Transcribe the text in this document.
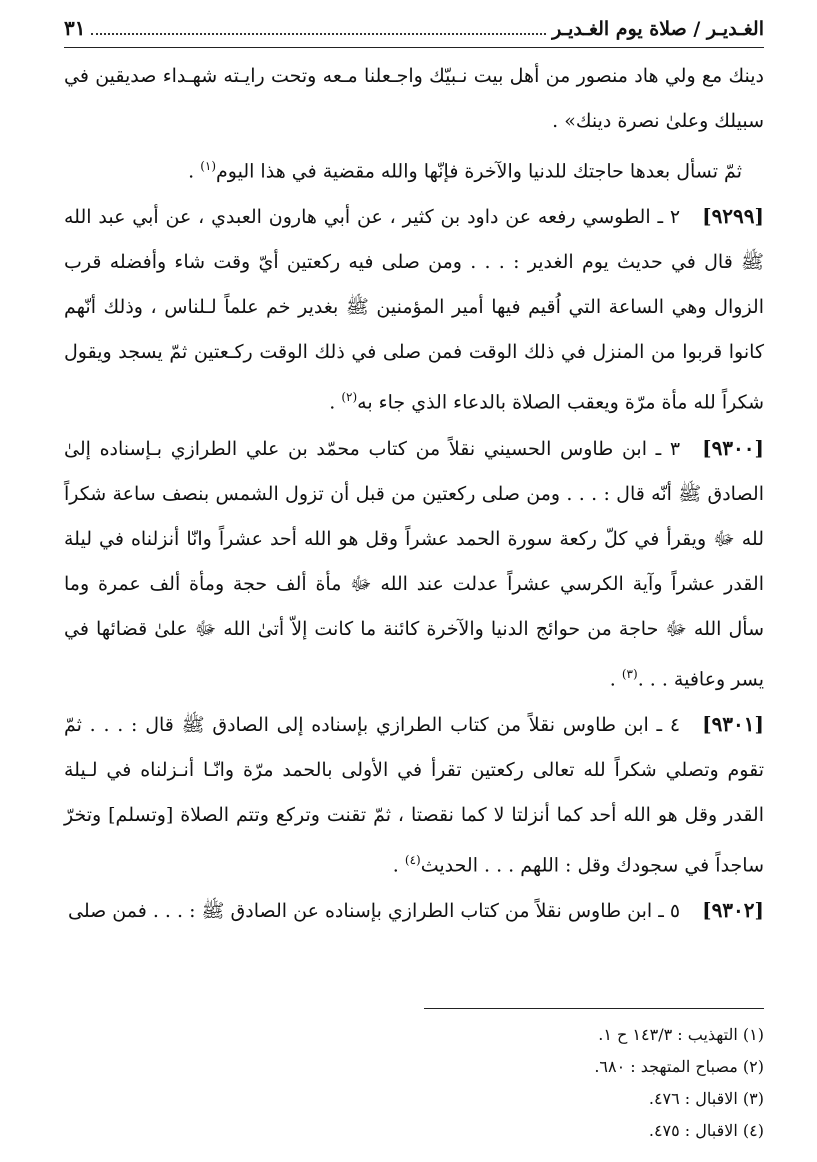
الغـديـر / صلاة يوم الغـديـر
٣١

دينك مع ولي هاد منصور من أهل بيت نـبيّك واجـعلنا مـعه وتحت رايـته شهـداء صديقين في سبيلك وعلىٰ نصرة دينك» .

ثمّ تسأل بعدها حاجتك للدنيا والآخرة فإنّها والله مقضية في هذا اليوم$^{(١)}$ .

[٩٢٩٩]٢ ـ الطوسي رفعه عن داود بن كثير ، عن أبي هارون العبدي ، عن أبي عبد الله ﷺ قال في حديث يوم الغدير : . . . ومن صلى فيه ركعتين أيّ وقت شاء وأفضله قرب الزوال وهي الساعة التي اُقيم فيها أمير المؤمنين ﷺ بغدير خم علماً لـلناس ، وذلك أنّهم كانوا قربوا من المنزل في ذلك الوقت فمن صلى في ذلك الوقت ركـعتين ثمّ يسجد ويقول شكراً لله مأة مرّة ويعقب الصلاة بالدعاء الذي جاء به$^{(٢)}$ .

[٩٣٠٠]٣ ـ ابن طاوس الحسيني نقلاً من كتاب محمّد بن علي الطرازي بـإسناده إلىٰ الصادق ﷺ أنّه قال : . . . ومن صلى ركعتين من قبل أن تزول الشمس بنصف ساعة شكراً لله ﷻ ويقرأ في كلّ ركعة سورة الحمد عشراً وقل هو الله أحد عشراً وانّا أنزلناه في ليلة القدر عشراً وآية الكرسي عشراً عدلت عند الله ﷻ مأة ألف حجة ومأة ألف عمرة وما سأل الله ﷻ حاجة من حوائج الدنيا والآخرة كائنة ما كانت إلاّ أتىٰ الله ﷻ علىٰ قضائها في يسر وعافية . . .$^{(٣)}$ .

[٩٣٠١]٤ ـ ابن طاوس نقلاً من كتاب الطرازي بإسناده إلى الصادق ﷺ قال : . . . ثمّ تقوم وتصلي شكراً لله تعالى ركعتين تقرأ في الأولى بالحمد مرّة وانّـا أنـزلناه في لـيلة القدر وقل هو الله أحد كما أنزلتا لا كما نقصتا ، ثمّ تقنت وتركع وتتم الصلاة [وتسلم] وتخرّ ساجداً في سجودك وقل : اللهم . . . الحديث$^{(٤)}$ .

[٩٣٠٢]٥ ـ ابن طاوس نقلاً من كتاب الطرازي بإسناده عن الصادق ﷺ : . . . فمن صلى

(١) التهذيب : ١٤٣/٣ ح ١.
(٢) مصباح المتهجد : ٦٨٠.
(٣) الاقبال : ٤٧٦.
(٤) الاقبال : ٤٧٥.
